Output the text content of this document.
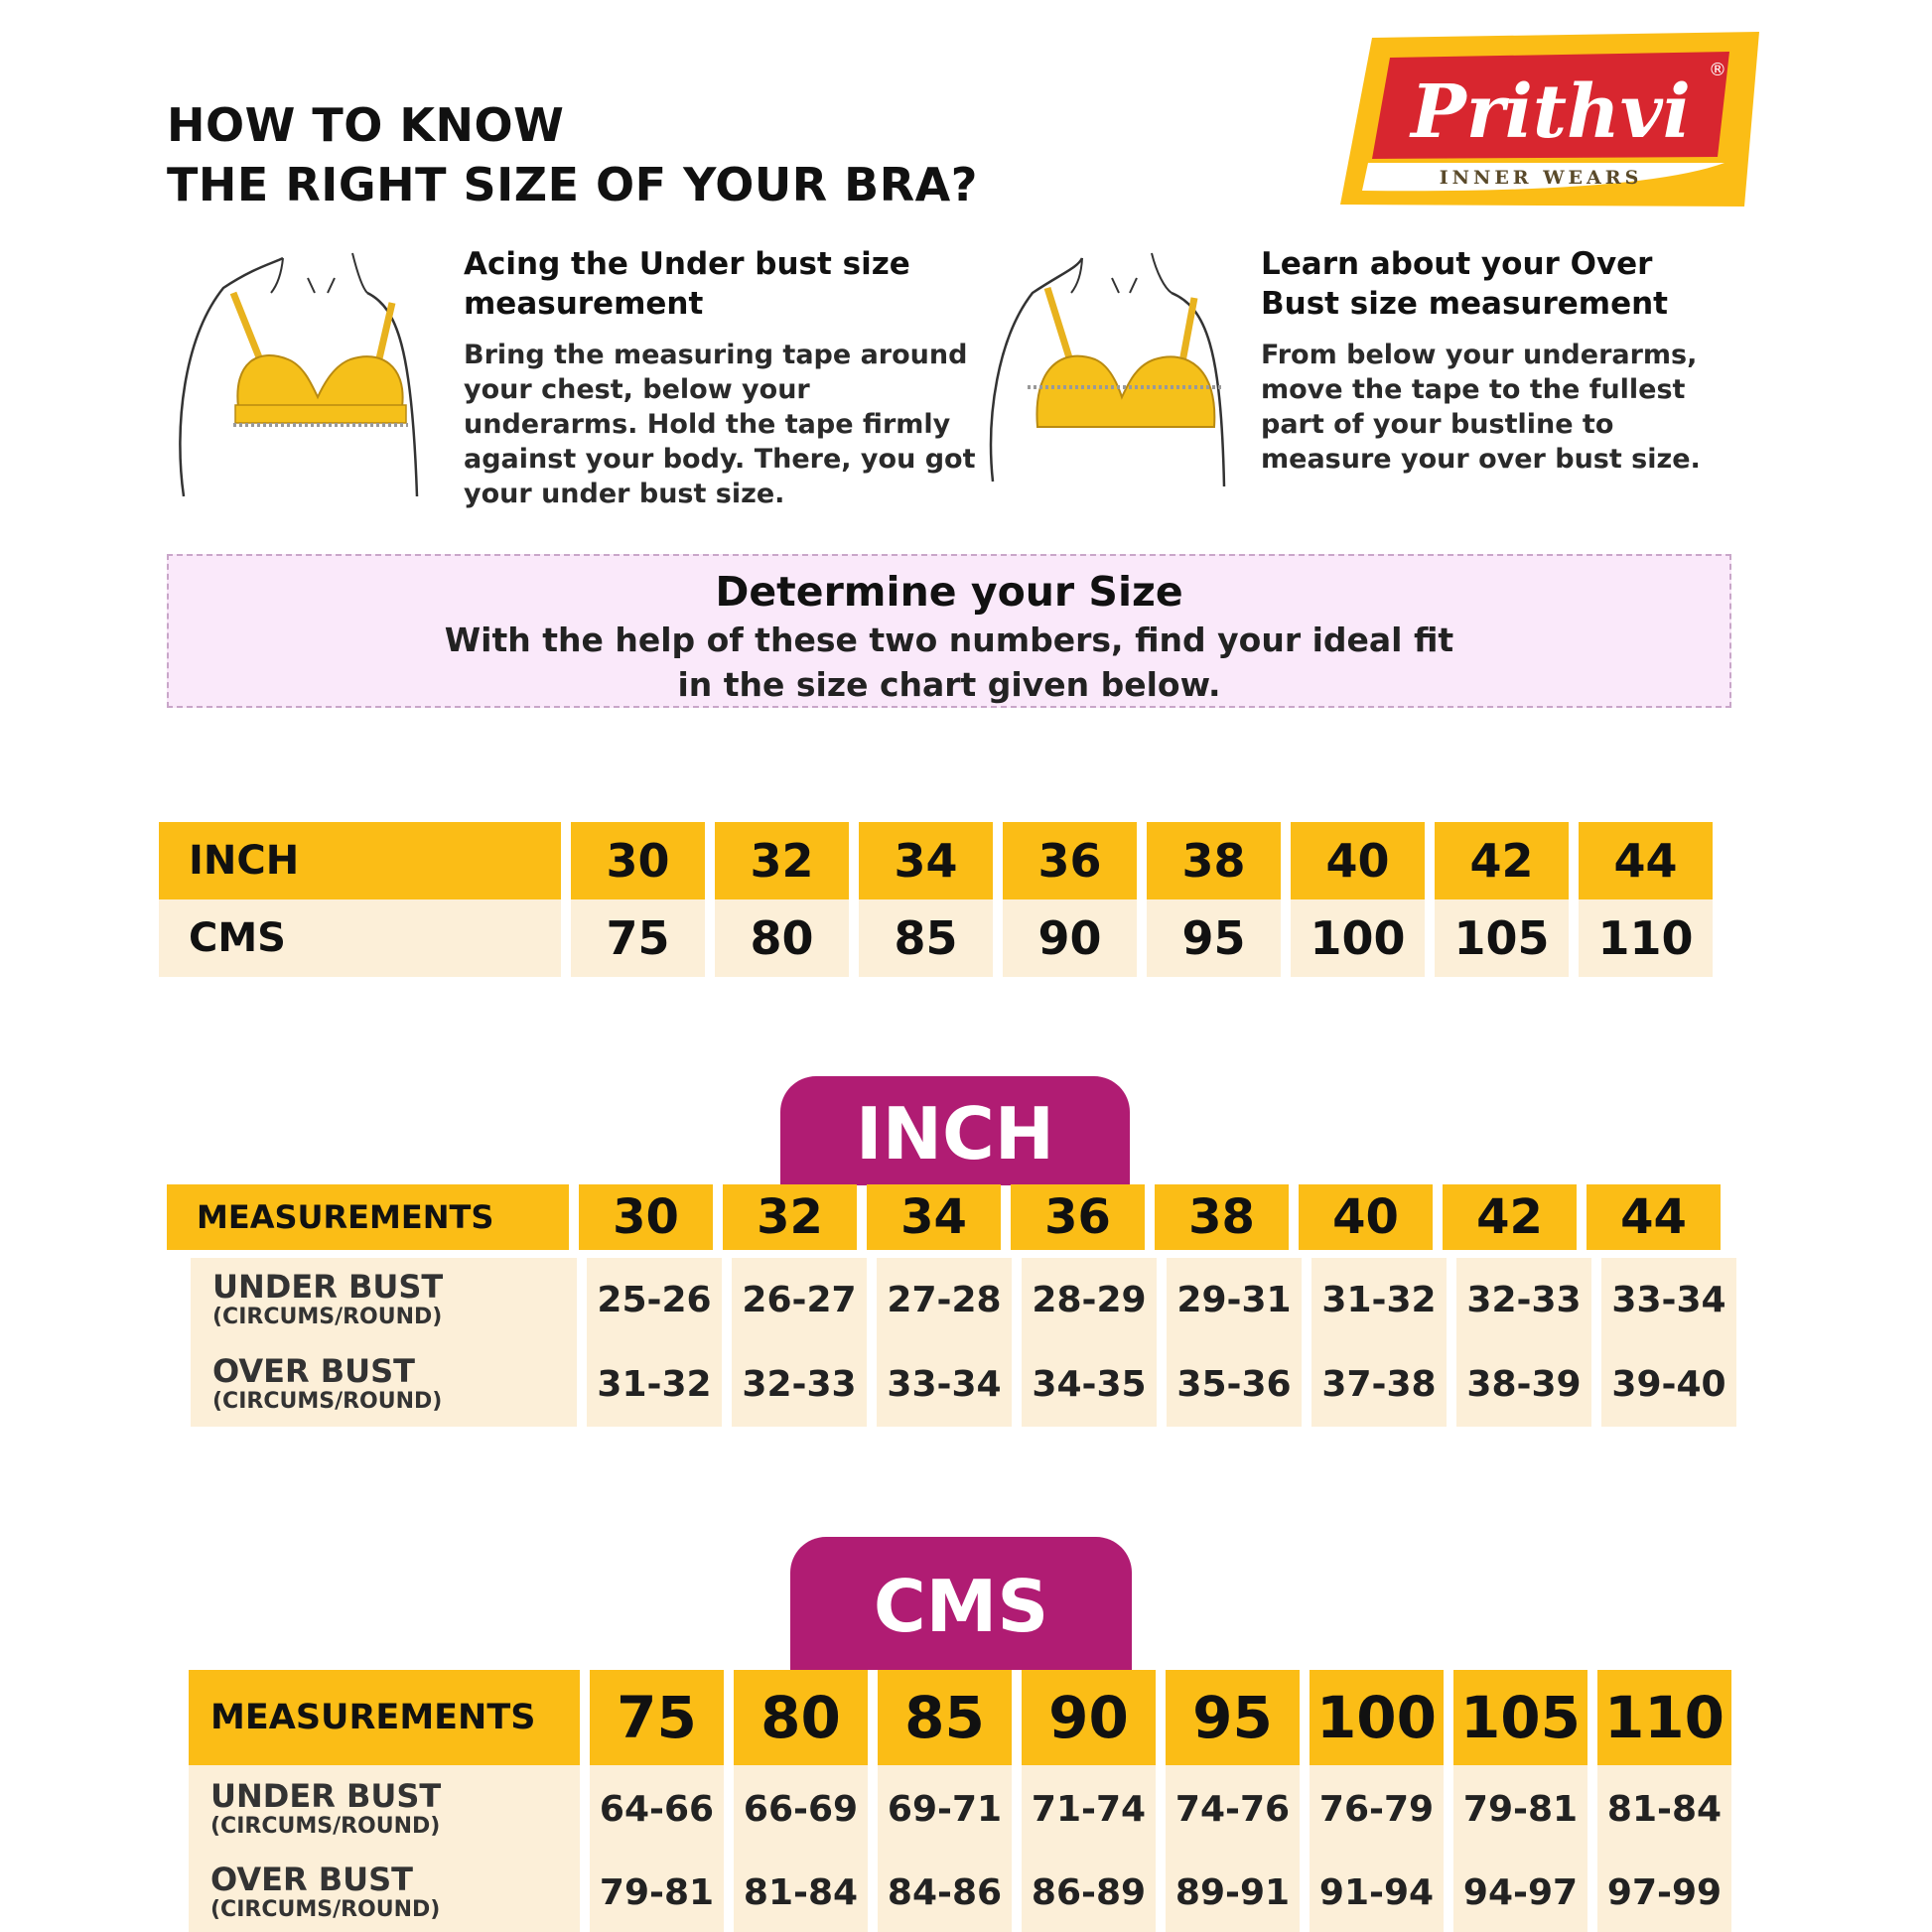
HOW TO KNOW
THE RIGHT SIZE OF YOUR BRA?
Prithvi
INNER WEARS
®
Acing the Under bust size measurement
Bring the measuring tape around your chest, below your underarms. Hold the tape firmly against your body. There, you got your under bust size.
Learn about your Over Bust size measurement
From below your underarms, move the tape to the fullest part of your bustline to measure your over bust size.
Determine your Size
With the help of these two numbers, find your ideal fit
in the size chart given below.
INCH	30	32	34	36	38	40	42	44
CMS	75	80	85	90	95	100	105	110
INCH
MEASUREMENTS	30	32	34	36	38	40	42	44
UNDER BUST
(CIRCUMS/ROUND)	25-26 26-27 27-28 28-29 29-31 31-32 32-33 33-34
OVER BUST
(CIRCUMS/ROUND)	31-32 32-33 33-34 34-35 35-36 37-38 38-39 39-40
CMS
MEASUREMENTS	75	80	85	90	95 100 105 110
UNDER BUST
(CIRCUMS/ROUND)	64-66 66-69 69-71 71-74 74-76 76-79 79-81 81-84
OVER BUST
(CIRCUMS/ROUND)	79-81 81-84 84-86 86-89 89-91 91-94 94-97 97-99
